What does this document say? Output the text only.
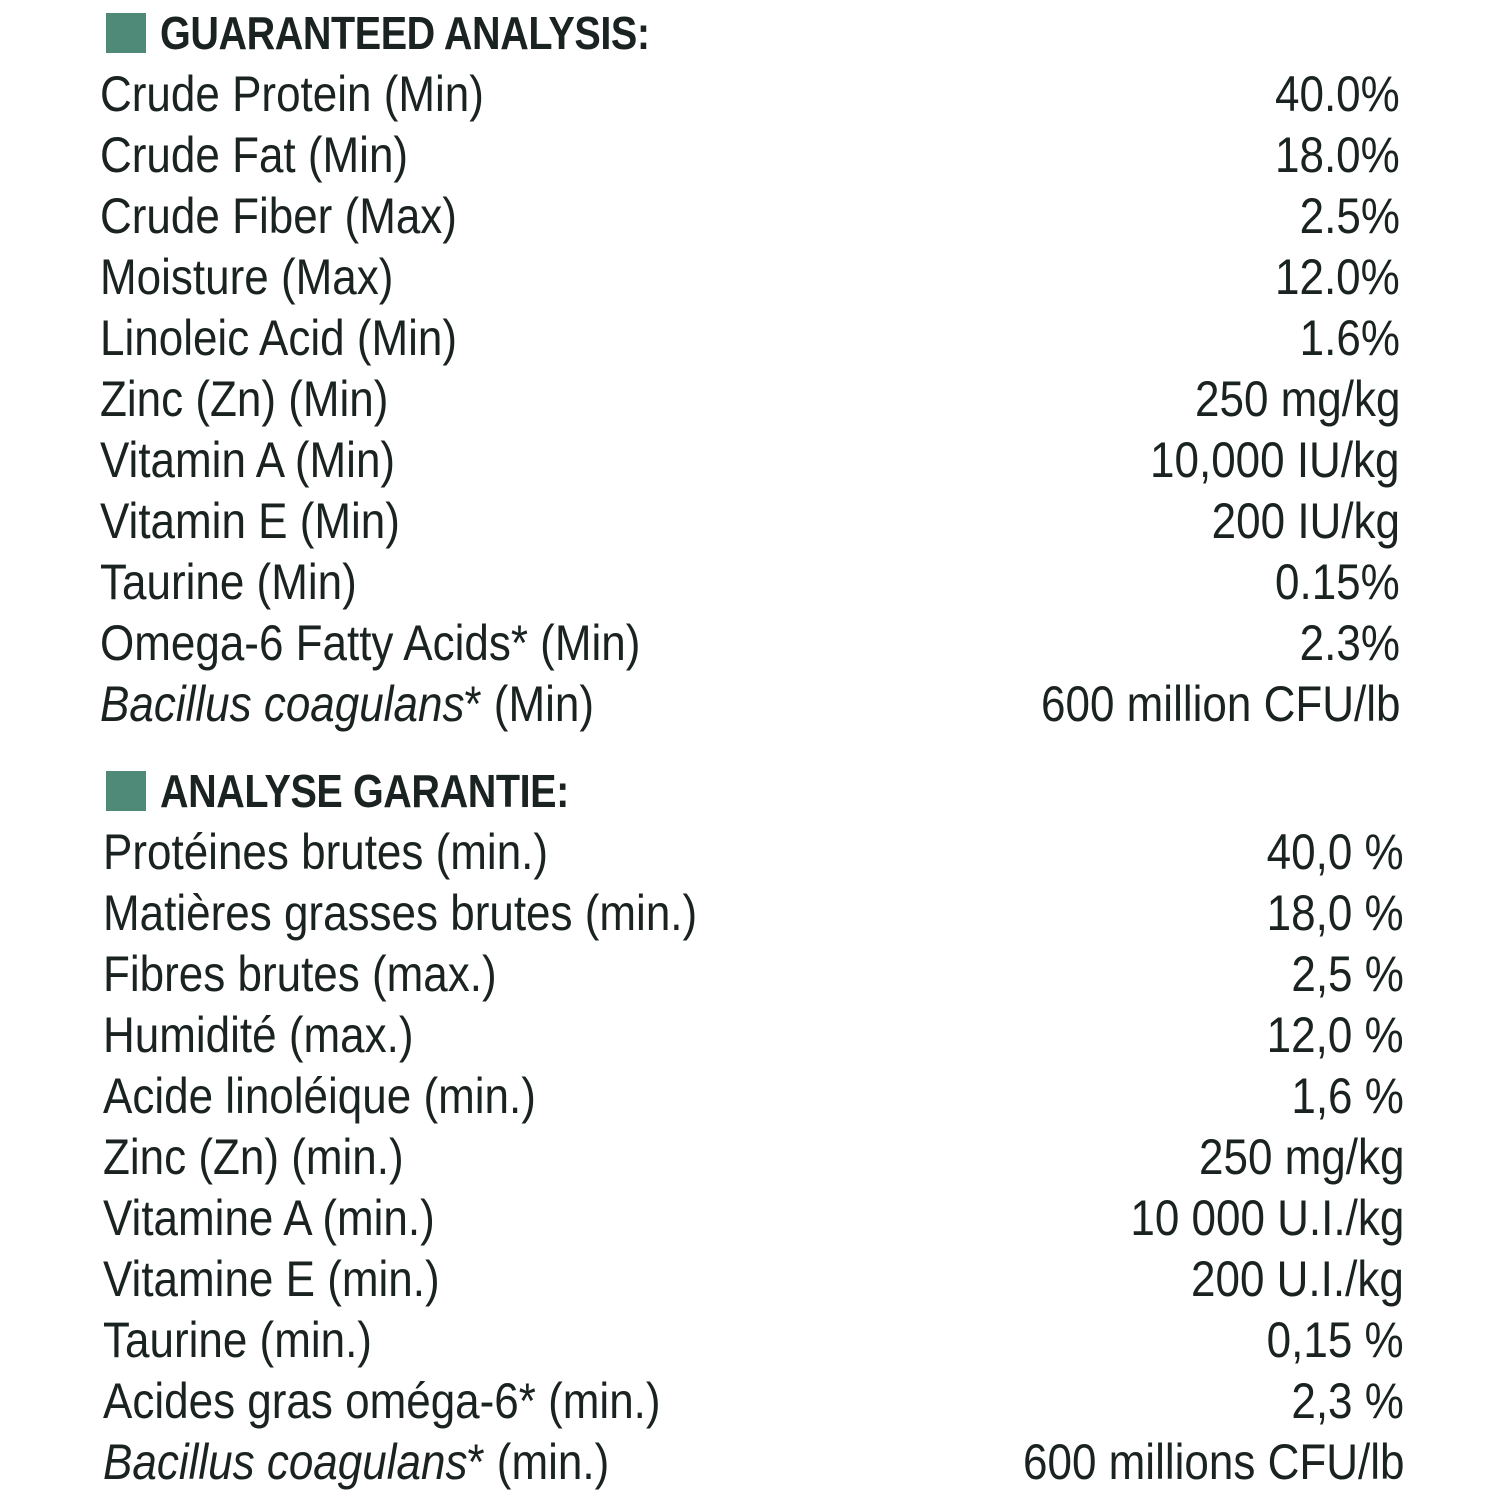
GUARANTEED ANALYSIS:
Crude Protein (Min)	40.0%
Crude Fat (Min)	18.0%
Crude Fiber (Max)	2.5%
Moisture (Max)	12.0%
Linoleic Acid (Min)	1.6%
Zinc (Zn) (Min)	250 mg/kg
Vitamin A (Min)	10,000 IU/kg
Vitamin E (Min)	200 IU/kg
Taurine (Min)	0.15%
Omega-6 Fatty Acids* (Min)	2.3%
Bacillus coagulans* (Min)	600 million CFU/lb
ANALYSE GARANTIE:
Protéines brutes (min.)	40,0 %
Matières grasses brutes (min.)	18,0 %
Fibres brutes (max.)	2,5 %
Humidité (max.)	12,0 %
Acide linoléique (min.)	1,6 %
Zinc (Zn) (min.)	250 mg/kg
Vitamine A (min.)	10 000 U.I./kg
Vitamine E (min.)	200 U.I./kg
Taurine (min.)	0,15 %
Acides gras oméga-6* (min.)	2,3 %
Bacillus coagulans* (min.)	600 millions CFU/lb
